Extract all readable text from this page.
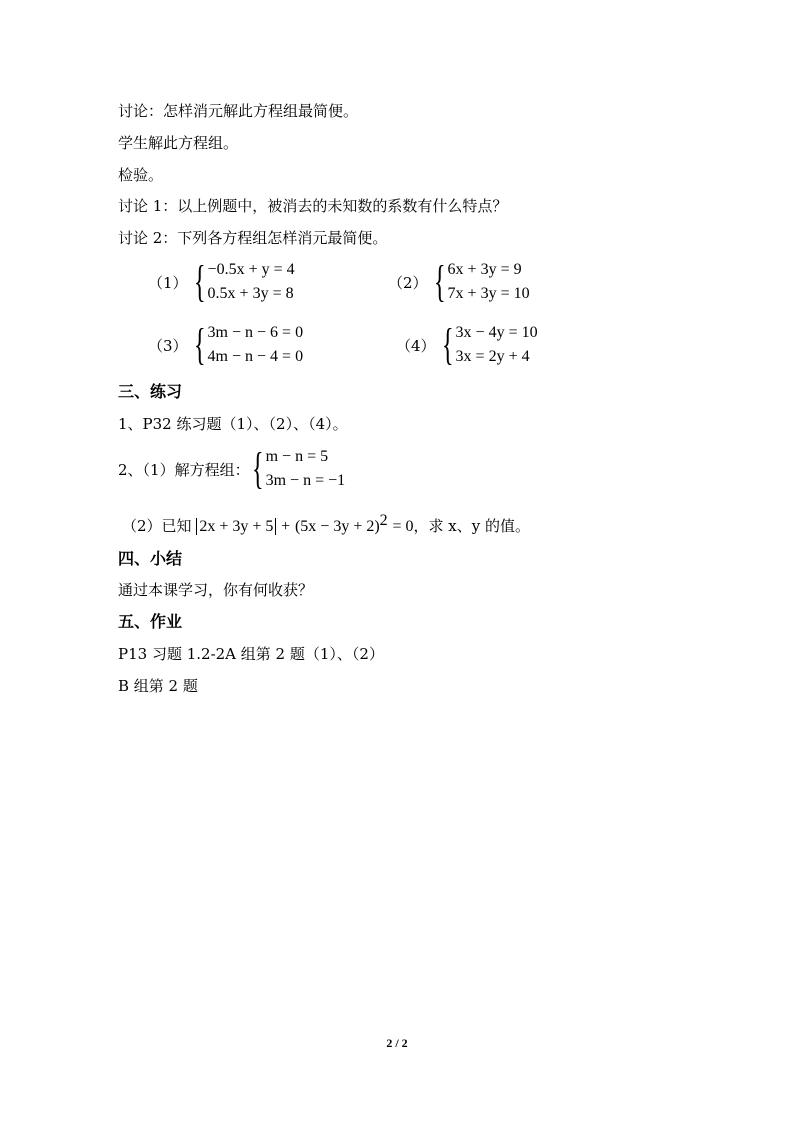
讨论：怎样消元解此方程组最简便。
学生解此方程组。
检验。
讨论 1：以上例题中，被消去的未知数的系数有什么特点？
讨论 2：下列各方程组怎样消元最简便。
（1） { −0.5x + y = 4
0.5x + 3y = 8
（2） { 6x + 3y = 9
7x + 3y = 10
（3） { 3m − n − 6 = 0
4m − n − 4 = 0
（4） { 3x − 4y = 10
3x = 2y + 4
三、练习
1、P32 练习题（1）、（2）、（4）。
2、（1）解方程组： { m − n = 5
3m − n = −1
（2）已知 $2x + 3y + 5 + (5x - 3y + 2)^2 = 0$，求 x、y 的值。
四、小结
通过本课学习，你有何收获？
五、作业
P13 习题 1.2-2A 组第 2 题（1）、（2）
B 组第 2 题
2 / 2
